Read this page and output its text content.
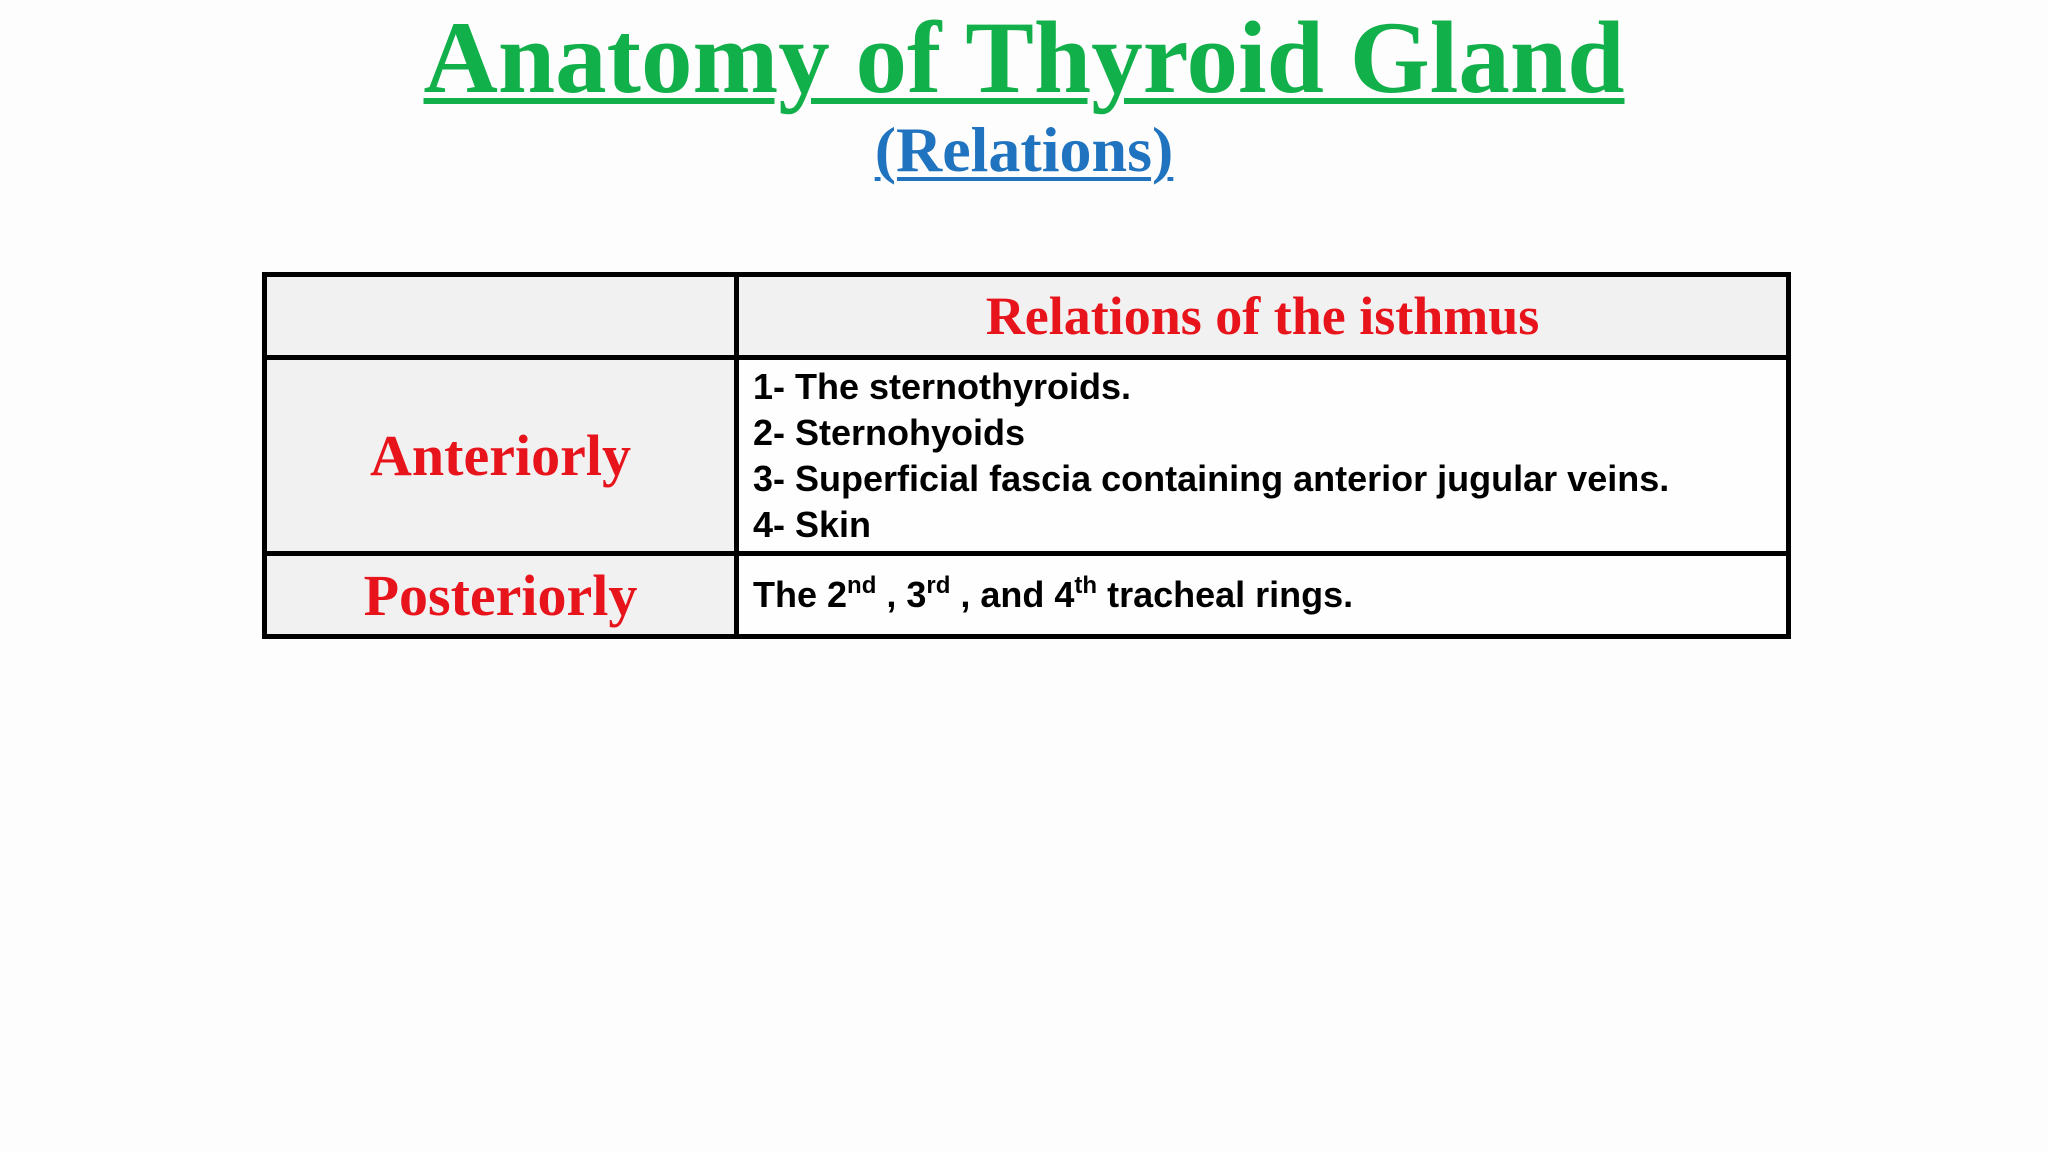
Anatomy of Thyroid Gland
(Relations)
	Relations of the isthmus
Anteriorly	1- The sternothyroids.
2- Sternohyoids
3- Superficial fascia containing anterior jugular veins.
4- Skin

Posteriorly	The 2nd , 3rd , and 4th tracheal rings.
